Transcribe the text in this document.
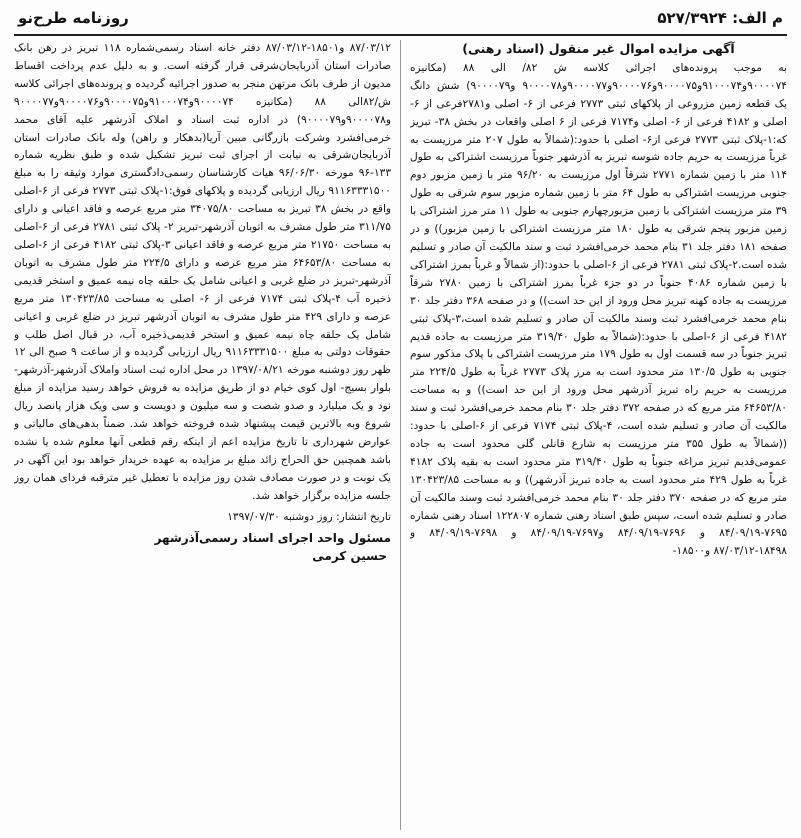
م الف: ۵۲۷/۳۹۲۴
روزنامه طرح‌نو
آگهی مزایده اموال غیر منقول (اسناد رهنی)
به موجب پرونده‌های اجرائی کلاسه ش ۸۲/ الی ۸۸ (مکانیزه ۹۰۰۰۰۷۴و۹۱۰۰۰۷۴و۹۰۰۰۰۷۵و۹۰۰۰۰۷۶و۹۰۰۰۰۷۷و۹۰۰۰۰۷۸ و۹۰۰۰۰۷۹) شش دانگ یک قطعه زمین مزروعی از پلاکهای ثبتی ۲۷۷۳ فرعی از ۶- اصلی و۲۷۸۱فرعی از ۶- اصلی و ۴۱۸۲ فرعی از ۶- اصلی و۷۱۷۴ فرعی از ۶ اصلی واقعات در بخش ۳۸- تبریز که:۱-پلاک ثبتی ۲۷۷۳ فرعی از۶- اصلی با حدود:(شمالاً به طول ۲۰۷ متر مرزیست به غرباً مرزیست به حریم جاده شوسه تبریز به آذرشهر جنوباً مرزیست اشتراکی به طول ۱۱۴ متر با زمین شماره ۲۷۷۱ شرقاً اول مرزیست به ۹۶/۲۰ متر با زمین مزبور دوم جنوبی مرزیست اشتراکی به طول ۶۴ متر با زمین شماره مزبور سوم شرقی به طول ۳۹ متر مرزیست اشتراکی با زمین مزبورچهارم جنوبی به طول ۱۱ متر مرز اشتراکی با زمین مزبور پنجم شرقی به طول ۱۸۰ متر مرزیست اشتراکی با زمین مزبور)) و در صفحه ۱۸۱ دفتر جلد ۳۱ بنام محمد خرمی‌افشرد ثبت و سند مالکیت آن صادر و تسلیم شده است.۲-پلاک ثبتی ۲۷۸۱ فرعی از ۶-اصلی با حدود:(از شمالاً و غرباً بمرز اشتراکی با زمین شماره ۴۰۸۶ جنوباً در دو جزء غرباً بمرز اشتراکی با زمین ۲۷۸۰ شرقاً مرزیست به جاده کهنه تبریز محل ورود از این حد است)) و در صفحه ۳۶۸ دفتر جلد ۳۰ بنام محمد خرمی‌افشرد ثبت وسند مالکیت آن صادر و تسلیم شده است،۳-پلاک ثبتی ۴۱۸۲ فرعی از ۶-اصلی با حدود:(شمالاً به طول ۳۱۹/۴۰ متر مرزیست به جاده قدیم تبریز جنوباً در سه قسمت اول به طول ۱۷۹ متر مرزیست اشتراکی با پلاک مذکور سوم جنوبی به طول ۱۳۰/۵ متر محدود است به مرز پلاک ۲۷۷۳ غرباً به طول ۲۲۴/۵ متر مرزیست به حریم راه تبریز آذرشهر محل ورود از این حد است)) و به مساحت ۶۴۶۵۳/۸۰ متر مربع که در صفحه ۳۷۲ دفتر جلد ۳۰ بنام محمد خرمی‌افشرد ثبت و سند مالکیت آن صادر و تسلیم شده است، ۴-پلاک ثبتی ۷۱۷۴ فرعی از ۶-اصلی با حدود:((شمالاً به طول ۳۵۵ متر مرزیست به شارع قانلی گلی محدود است به جاده عمومی‌قدیم تبریز مراغه جنوباً به طول ۳۱۹/۴۰ متر محدود است به بقیه پلاک ۴۱۸۲ غرباً به طول ۴۲۹ متر محدود است به جاده تبریز آذرشهر)) و به مساحت ۱۳۰۴۲۳/۸۵ متر مربع که در صفحه ۳۷۰ دفتر جلد ۳۰ بنام محمد خرمی‌افشرد ثبت وسند مالکیت آن صادر و تسلیم شده است، سپس طبق اسناد رهنی شماره ۱۲۲۸۰۷ اسناد رهنی شماره ۷۶۹۵-۸۴/۰۹/۱۹ و ۷۶۹۶-۸۴/۰۹/۱۹ و۷۶۹۷-۸۴/۰۹/۱۹ و ۷۶۹۸-۸۴/۰۹/۱۹ و ۱۸۴۹۸-۸۷/۰۳/۱۲ و۱۸۵۰۰-
۸۷/۰۳/۱۲ و۱۸۵۰۱-۸۷/۰۳/۱۲ دفتر خانه اسناد رسمی‌شماره ۱۱۸ تبریز در رهن بانک صادرات استان آذربایجان‌شرقی قرار گرفته است. و به دلیل عدم پرداخت اقساط مدیون از طرف بانک مرتهن منجر به صدور اجرائیه گردیده و پرونده‌های اجرائی کلاسه ش/۸۲الی ۸۸ (مکانیزه ۹۰۰۰۰۷۴و۹۱۰۰۰۷۴و۹۰۰۰۰۷۵و۹۰۰۰۰۷۶و۹۰۰۰۰۷۷ و۹۰۰۰۰۷۸و۹۰۰۰۰۷۹) در اداره ثبت اسناد و املاک آذرشهر علیه آقای محمد خرمی‌افشرد وشرکت بازرگانی مبین آریا(بدهکار و راهن) وله بانک صادرات استان آذربایجان‌شرقی به نیابت از اجرای ثبت تبریز تشکیل شده و طبق نظریه شماره ۱۳۳-۹۶ مورخه ۹۶/۰۶/۳۰ هیات کارشناسان رسمی‌دادگستری موارد وثیقه را به مبلغ ۹۱۱۶۳۳۳۱۵۰۰ ریال ارزیابی گردیده و پلاکهای فوق:۱-پلاک ثبتی ۲۷۷۳ فرعی از ۶-اصلی واقع در بخش ۳۸ تبریز به مساحت ۳۴۰۷۵/۸۰ متر مربع عرصه و فاقد اعیانی و دارای ۳۱۱/۷۵ متر طول مشرف به اتوبان آذرشهر-تبریز ۲- پلاک ثبتی ۲۷۸۱ فرعی از ۶-اصلی به مساحت ۲۱۷۵۰ متر مربع عرصه و فاقد اعیانی ۳-پلاک ثبتی ۴۱۸۲ فرعی از ۶-اصلی به مساحت ۶۴۶۵۳/۸۰ متر مربع عرصه و دارای ۲۲۴/۵ متر طول مشرف به اتوبان آذرشهر-تبریز در ضلع غربی و اعیانی شامل یک حلقه چاه نیمه عمیق و استخر قدیمی ذخیره آب ۴-پلاک ثبتی ۷۱۷۴ فرعی از ۶- اصلی به مساحت ۱۳۰۴۲۳/۸۵ متر مربع عرصه و دارای ۴۲۹ متر طول مشرف به اتوبان آذرشهر تبریز در ضلع غربی و اعیانی شامل یک حلقه چاه نیمه عمیق و استخر قدیمی‌ذخیره آب، در قبال اصل طلب و حقوقات دولتی به مبلغ ۹۱۱۶۳۳۳۱۵۰۰ ریال ارزیابی گردیده و از ساعت ۹ صبح الی ۱۲ ظهر روز دوشنبه مورخه ۱۳۹۷/۰۸/۲۱ در محل اداره ثبت اسناد واملاک آذرشهر-آذرشهر- بلوار بسیج- اول کوی خیام دو از طریق مزایده به فروش خواهد رسید مزایده از مبلغ نود و یک میلیارد و صدو شصت و سه میلیون و دویست و سی ویک هزار پانصد ریال شروع وبه بالاترین قیمت پیشنهاد شده فروخته خواهد شد. ضمناً بدهی‌های مالیاتی و عوارض شهرداری تا تاریخ مزایده اعم از اینکه رقم قطعی آنها معلوم شده یا نشده باشد همچنین حق الحراج زائد مبلغ بر مزایده به عهده خریدار خواهد بود این آگهی در یک نوبت و در صورت مصادف شدن روز مزایده با تعطیل غیر مترقبه فردای همان روز جلسه مزایده برگزار خواهد شد.
تاریخ انتشار: روز دوشنبه ۱۳۹۷/۰۷/۳۰
مسئول واحد اجرای اسناد رسمی‌آذرشهر
حسین کرمی
